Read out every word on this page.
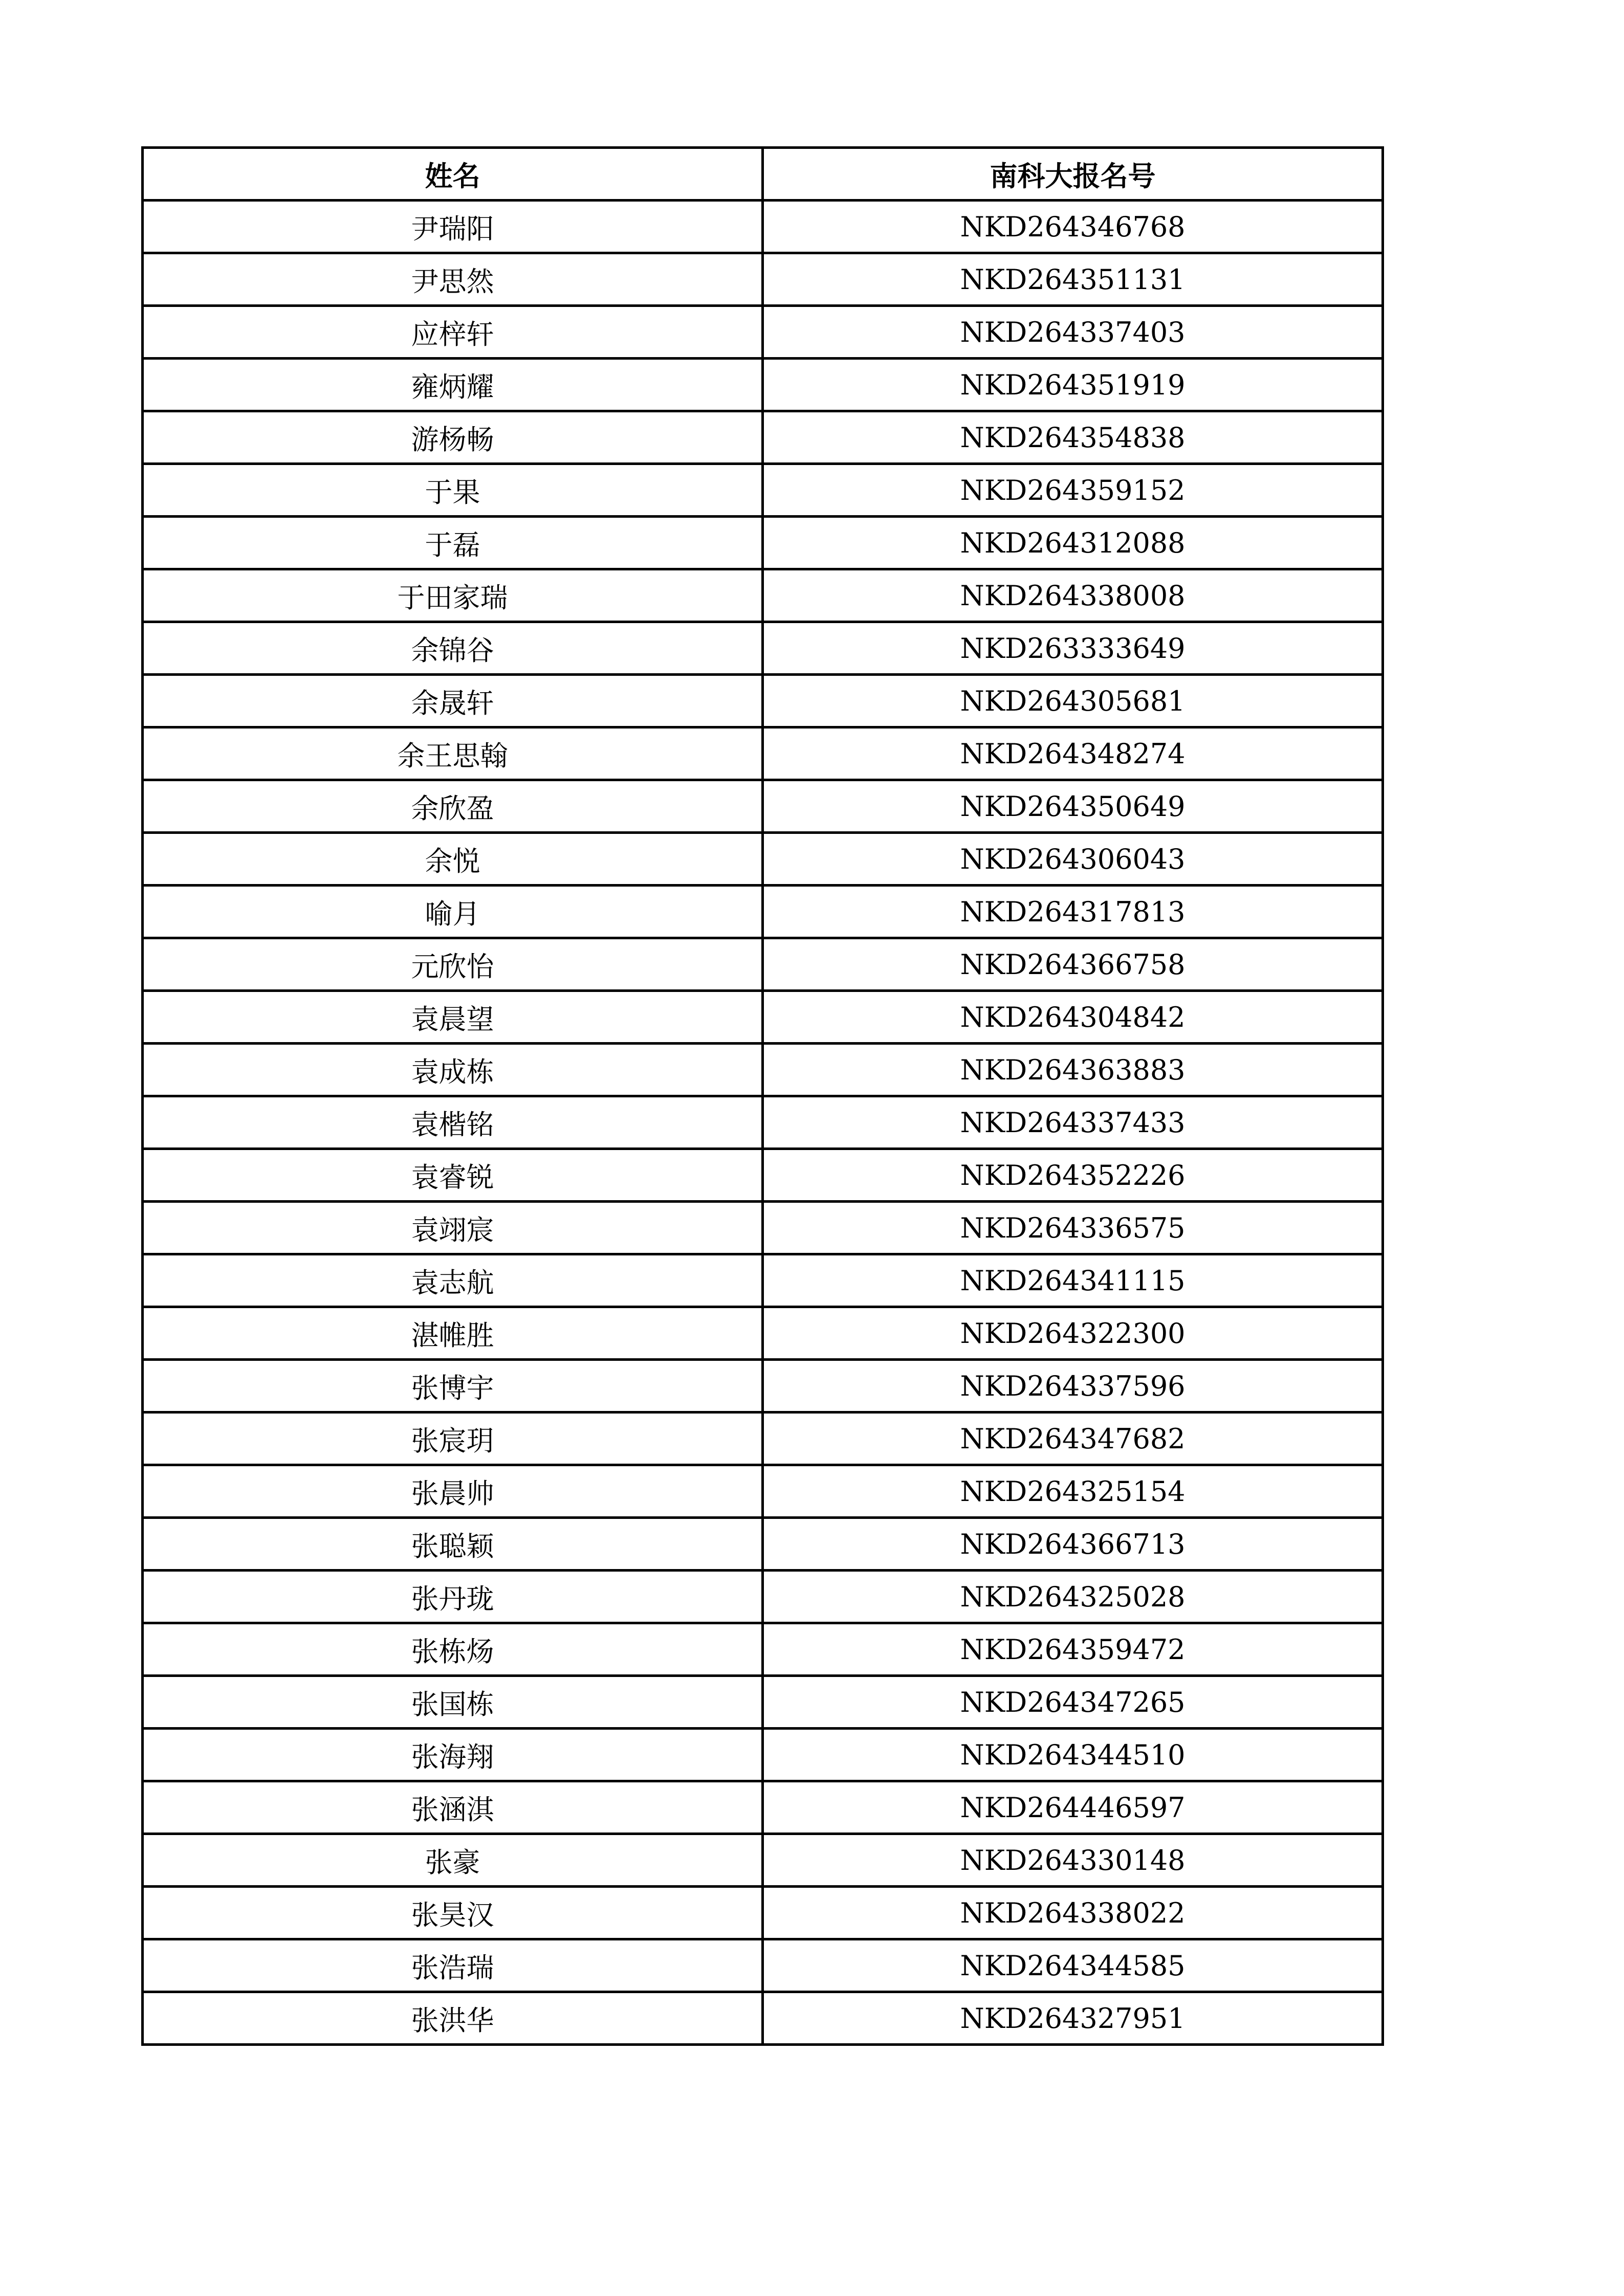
姓名	南科大报名号
尹瑞阳	NKD264346768
尹思然	NKD264351131
应梓轩	NKD264337403
雍炳耀	NKD264351919
游杨畅	NKD264354838
于果	NKD264359152
于磊	NKD264312088
于田家瑞	NKD264338008
余锦谷	NKD263333649
余晟轩	NKD264305681
余王思翰	NKD264348274
余欣盈	NKD264350649
余悦	NKD264306043
喻月	NKD264317813
元欣怡	NKD264366758
袁晨望	NKD264304842
袁成栋	NKD264363883
袁楷铭	NKD264337433
袁睿锐	NKD264352226
袁翊宸	NKD264336575
袁志航	NKD264341115
湛帷胜	NKD264322300
张博宇	NKD264337596
张宸玥	NKD264347682
张晨帅	NKD264325154
张聪颖	NKD264366713
张丹珑	NKD264325028
张栋炀	NKD264359472
张国栋	NKD264347265
张海翔	NKD264344510
张涵淇	NKD264446597
张豪	NKD264330148
张昊汉	NKD264338022
张浩瑞	NKD264344585
张洪华	NKD264327951
